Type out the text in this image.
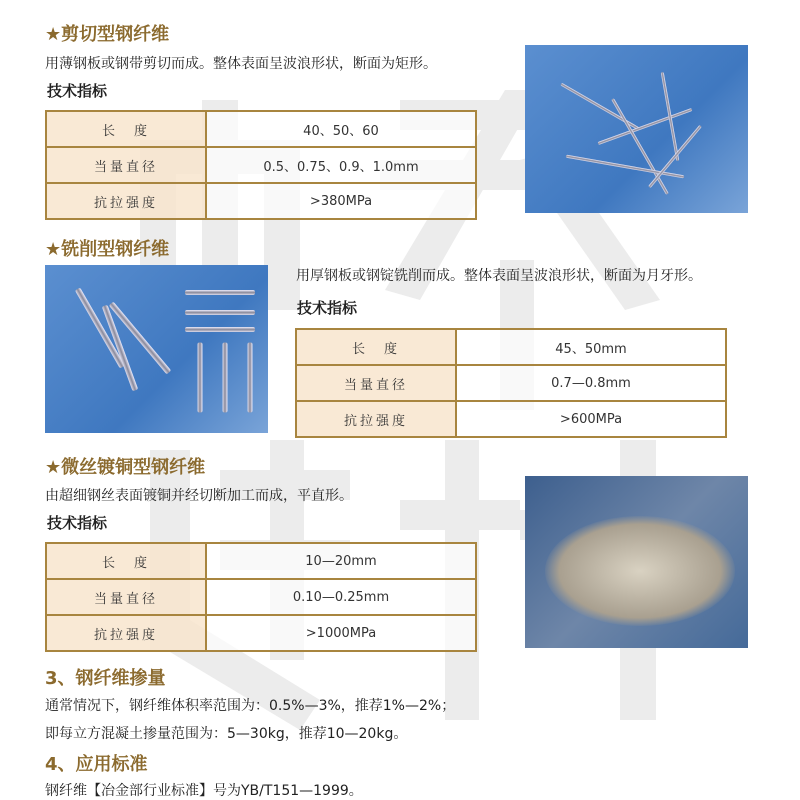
★剪切型钢纤维
用薄钢板或钢带剪切而成。整体表面呈波浪形状，断面为矩形。
技术指标
长　度	40、50、60
当量直径	0.5、0.75、0.9、1.0mm
抗拉强度	>380MPa
★铣削型钢纤维
用厚钢板或钢锭铣削而成。整体表面呈波浪形状，断面为月牙形。
技术指标
长　度	45、50mm
当量直径	0.7—0.8mm
抗拉强度	>600MPa
★微丝镀铜型钢纤维
由超细钢丝表面镀铜并经切断加工而成，平直形。
技术指标
长　度	10—20mm
当量直径	0.10—0.25mm
抗拉强度	>1000MPa
3、钢纤维掺量
通常情况下，钢纤维体积率范围为：0.5%—3%，推荐1%—2%；
即每立方混凝土掺量范围为：5—30kg，推荐10—20kg。
4、应用标准
钢纤维【冶金部行业标准】号为YB/T151—1999。
